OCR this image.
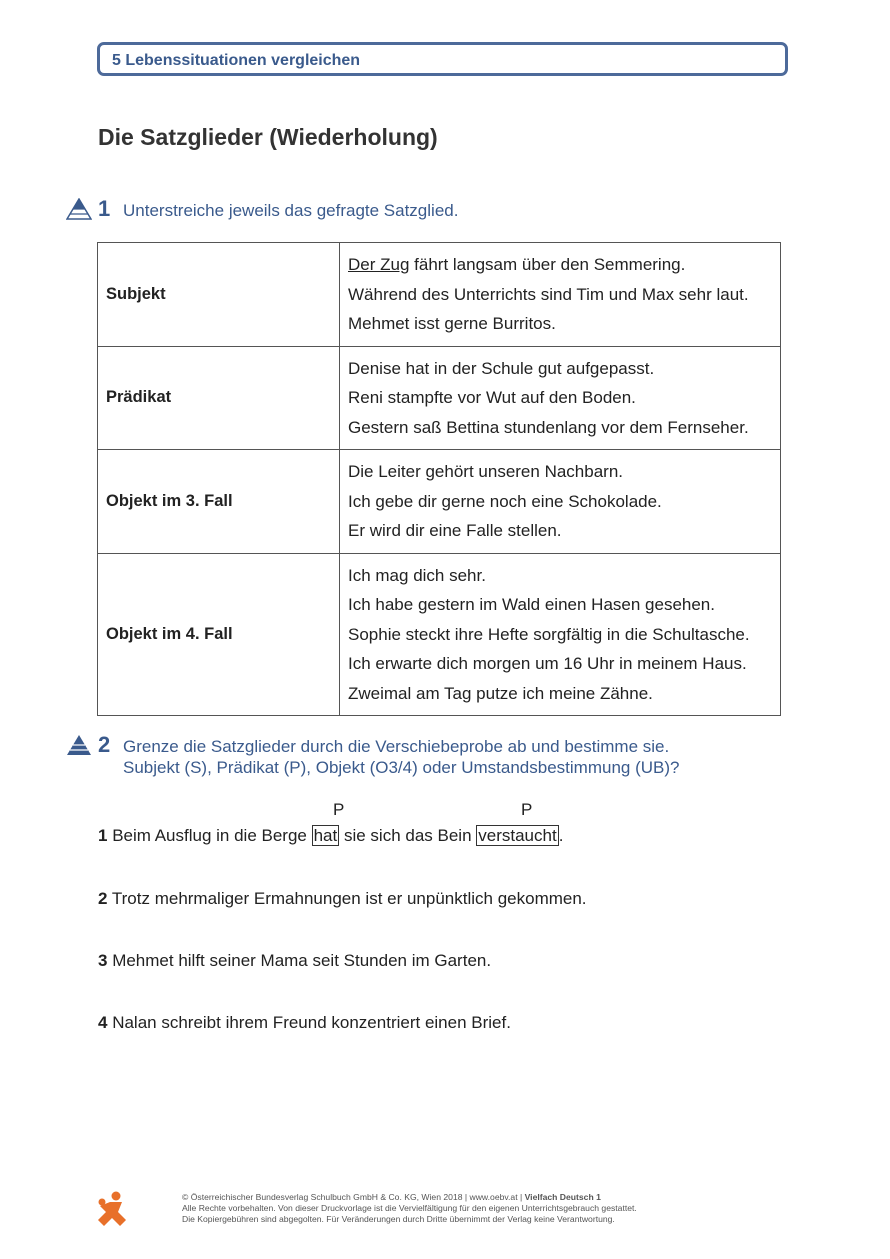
5 Lebenssituationen vergleichen
Die Satzglieder (Wiederholung)
1 Unterstreiche jeweils das gefragte Satzglied.
Subjekt	Der Zug fährt langsam über den Semmering.
Während des Unterrichts sind Tim und Max sehr laut.
Mehmet isst gerne Burritos.

Prädikat	Denise hat in der Schule gut aufgepasst.
Reni stampfte vor Wut auf den Boden.
Gestern saß Bettina stundenlang vor dem Fernseher.

Objekt im 3. Fall	Die Leiter gehört unseren Nachbarn.
Ich gebe dir gerne noch eine Schokolade.
Er wird dir eine Falle stellen.

Objekt im 4. Fall	Ich mag dich sehr.
Ich habe gestern im Wald einen Hasen gesehen.
Sophie steckt ihre Hefte sorgfältig in die Schultasche.
Ich erwarte dich morgen um 16 Uhr in meinem Haus.
Zweimal am Tag putze ich meine Zähne.
2 Grenze die Satzglieder durch die Verschiebeprobe ab und bestimme sie.
Subjekt (S), Prädikat (P), Objekt (O3/4) oder Umstandsbestimmung (UB)?
P	P
1 Beim Ausflug in die Berge hat sie sich das Bein verstaucht .
2 Trotz mehrmaliger Ermahnungen ist er unpünktlich gekommen.
3 Mehmet hilft seiner Mama seit Stunden im Garten.
4 Nalan schreibt ihrem Freund konzentriert einen Brief.
© Österreichischer Bundesverlag Schulbuch GmbH & Co. KG, Wien 2018 | www.oebv.at | Vielfach Deutsch 1
Alle Rechte vorbehalten. Von dieser Druckvorlage ist die Vervielfältigung für den eigenen Unterrichtsgebrauch gestattet.
Die Kopiergebühren sind abgegolten. Für Veränderungen durch Dritte übernimmt der Verlag keine Verantwortung.
